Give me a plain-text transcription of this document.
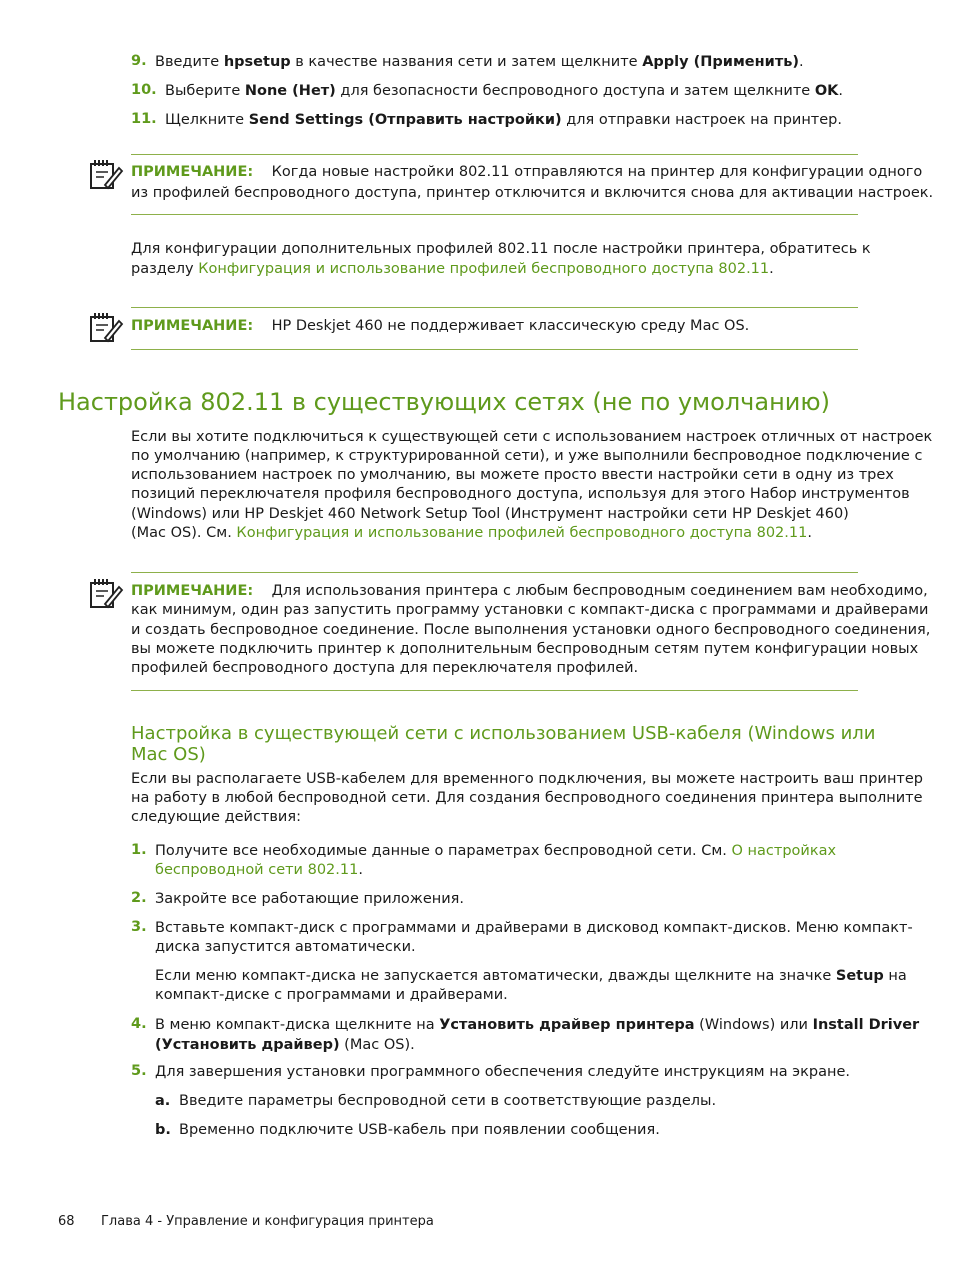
9. Введите hpsetup в качестве названия сети и затем щелкните Apply (Применить).
10. Выберите None (Нет) для безопасности беспроводного доступа и затем щелкните OK.
11. Щелкните Send Settings (Отправить настройки) для отправки настроек на принтер.
ПРИМЕЧАНИЕ: Когда новые настройки 802.11 отправляются на принтер для конфигурации одного
из профилей беспроводного доступа, принтер отключится и включится снова для активации настроек.
Для конфигурации дополнительных профилей 802.11 после настройки принтера, обратитесь к
разделу Конфигурация и использование профилей беспроводного доступа 802.11.
ПРИМЕЧАНИЕ: HP Deskjet 460 не поддерживает классическую среду Mac OS.
Настройка 802.11 в существующих сетях (не по умолчанию)
Если вы хотите подключиться к существующей сети с использованием настроек отличных от настроек
по умолчанию (например, к структурированной сети), и уже выполнили беспроводное подключение с
использованием настроек по умолчанию, вы можете просто ввести настройки сети в одну из трех
позиций переключателя профиля беспроводного доступа, используя для этого Набор инструментов
(Windows) или HP Deskjet 460 Network Setup Tool (Инструмент настройки сети HP Deskjet 460)
(Mac OS). См. Конфигурация и использование профилей беспроводного доступа 802.11.
ПРИМЕЧАНИЕ: Для использования принтера с любым беспроводным соединением вам необходимо,
как минимум, один раз запустить программу установки с компакт-диска с программами и драйверами
и создать беспроводное соединение. После выполнения установки одного беспроводного соединения,
вы можете подключить принтер к дополнительным беспроводным сетям путем конфигурации новых
профилей беспроводного доступа для переключателя профилей.
Настройка в существующей сети с использованием USB-кабеля (Windows или
Mac OS)
Если вы располагаете USB-кабелем для временного подключения, вы можете настроить ваш принтер
на работу в любой беспроводной сети. Для создания беспроводного соединения принтера выполните
следующие действия:
1. Получите все необходимые данные о параметрах беспроводной сети. См. О настройках
беспроводной сети 802.11.
2. Закройте все работающие приложения.
3. Вставьте компакт-диск с программами и драйверами в дисковод компакт-дисков. Меню компакт-
диска запустится автоматически.
Если меню компакт-диска не запускается автоматически, дважды щелкните на значке Setup на
компакт-диске с программами и драйверами.
4. В меню компакт-диска щелкните на Установить драйвер принтера (Windows) или Install Driver
(Установить драйвер) (Mac OS).
5. Для завершения установки программного обеспечения следуйте инструкциям на экране.
a. Введите параметры беспроводной сети в соответствующие разделы.
b. Временно подключите USB-кабель при появлении сообщения.
68 Глава 4 - Управление и конфигурация принтера
